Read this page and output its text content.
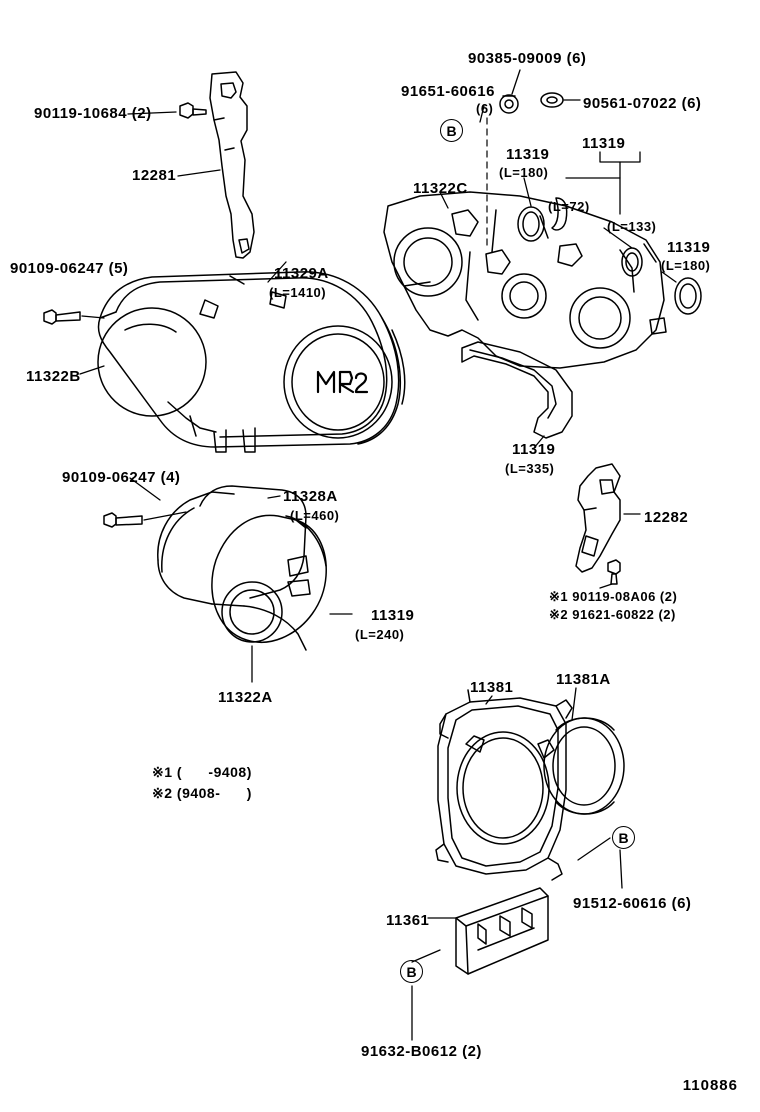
90119-10684 (2)
12281
90109-06247 (5)
11322B
11329A
(L=1410)
90109-06247 (4)
11328A
(L=460)
11319
(L=240)
11322A
90385-09009 (6)
91651-60616
(6)	90561-07022 (6)
11319
(L=180)
11319
(L=72)
(L=133)
11319
(L=180)
11322C
11319
(L=335)
12282
※1 90119-08A06 (2)
※2 91621-60822 (2)
11381	11381A
91512-60616 (6)
11361
91632-B0612 (2)
B
B
B
※1 (      -9408)
※2 (9408-      )
110886
